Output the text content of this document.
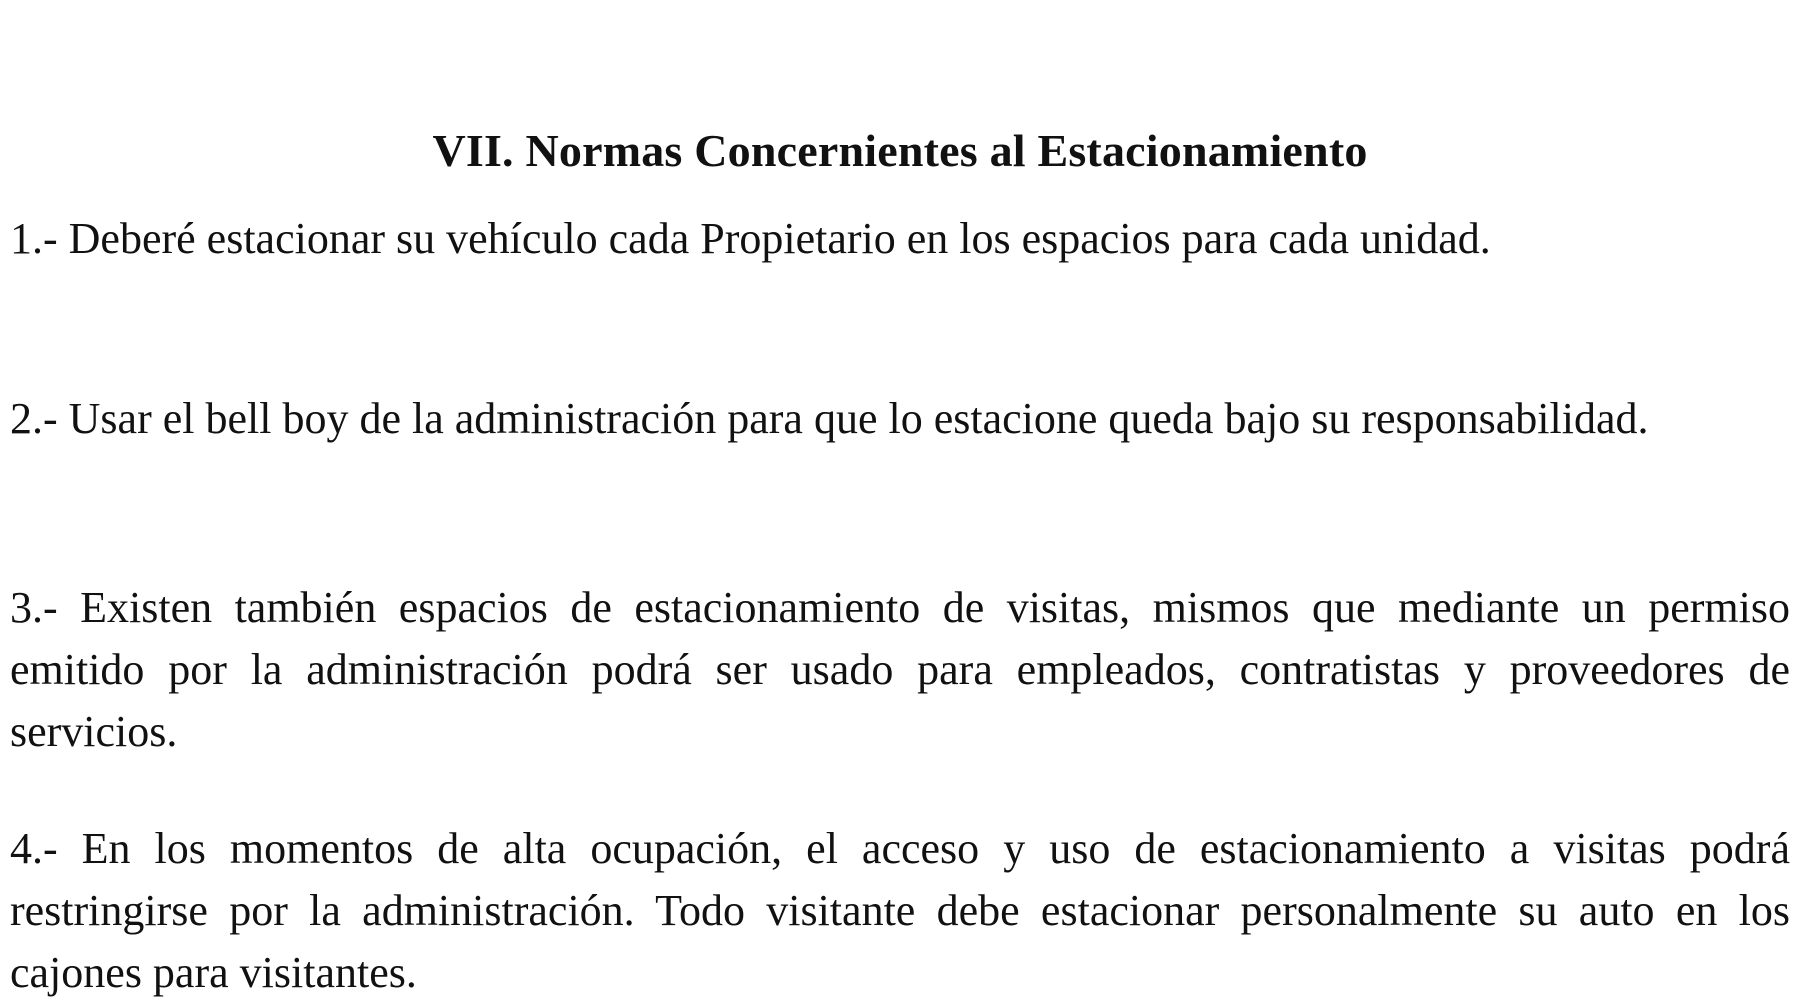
VII. Normas Concernientes al Estacionamiento

1.- Deberé estacionar su vehículo cada Propietario en los espacios para cada unidad.

2.- Usar el bell boy de la administración para que lo estacione queda bajo su responsabilidad.

3.- Existen también espacios de estacionamiento de visitas, mismos que mediante un permiso emitido por la administración podrá ser usado para empleados, contratistas y proveedores de servicios.

4.- En los momentos de alta ocupación, el acceso y uso de estacionamiento a visitas podrá restringirse por la administración. Todo visitante debe estacionar personalmente su auto en los cajones para visitantes.
